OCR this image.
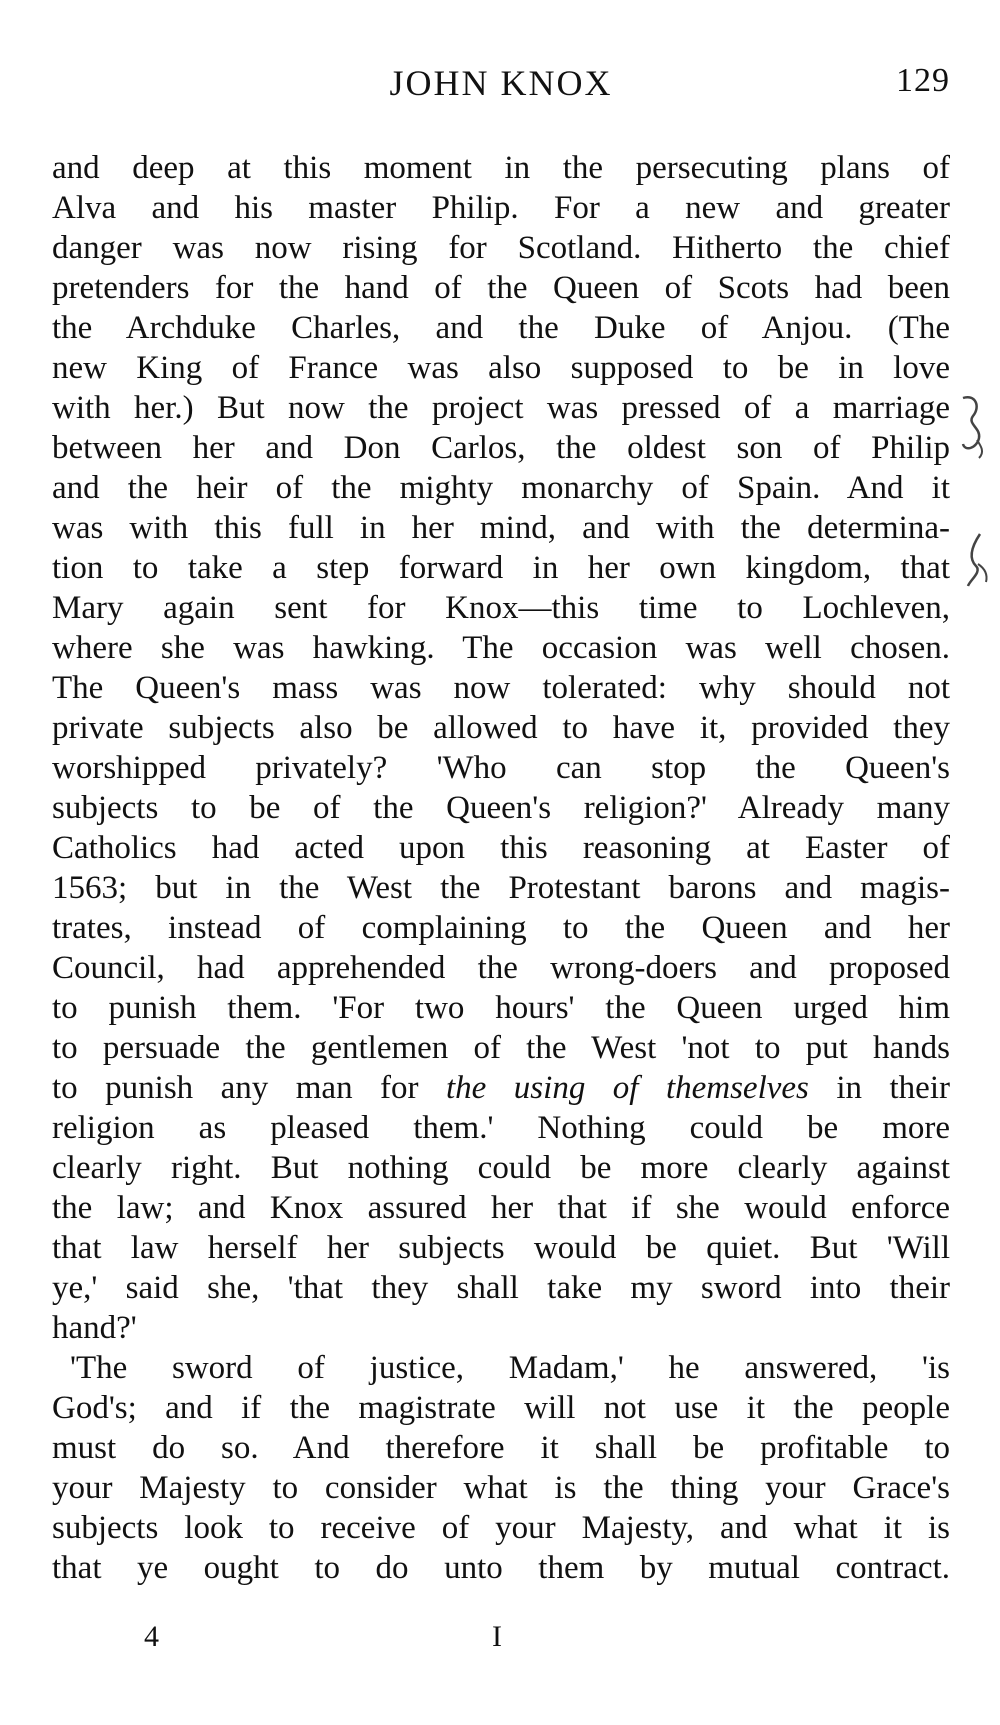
JOHN KNOX	129
and deep at this moment in the persecuting plans of
Alva and his master Philip. For a new and greater
danger was now rising for Scotland. Hitherto the chief
pretenders for the hand of the Queen of Scots had been
the Archduke Charles, and the Duke of Anjou. (The
new King of France was also supposed to be in love
with her.) But now the project was pressed of a marriage
between her and Don Carlos, the oldest son of Philip
and the heir of the mighty monarchy of Spain. And it
was with this full in her mind, and with the determina-
tion to take a step forward in her own kingdom, that
Mary again sent for Knox—this time to Lochleven,
where she was hawking. The occasion was well chosen.
The Queen's mass was now tolerated: why should not
private subjects also be allowed to have it, provided they
worshipped privately? 'Who can stop the Queen's
subjects to be of the Queen's religion?' Already many
Catholics had acted upon this reasoning at Easter of
1563; but in the West the Protestant barons and magis-
trates, instead of complaining to the Queen and her
Council, had apprehended the wrong-doers and proposed
to punish them. 'For two hours' the Queen urged him
to persuade the gentlemen of the West 'not to put hands
to punish any man for the using of themselves in their
religion as pleased them.' Nothing could be more
clearly right. But nothing could be more clearly against
the law; and Knox assured her that if she would enforce
that law herself her subjects would be quiet. But 'Will
ye,' said she, 'that they shall take my sword into their
hand?'
'The sword of justice, Madam,' he answered, 'is
God's; and if the magistrate will not use it the people
must do so. And therefore it shall be profitable to
your Majesty to consider what is the thing your Grace's
subjects look to receive of your Majesty, and what it is
that ye ought to do unto them by mutual contract.
4	I
